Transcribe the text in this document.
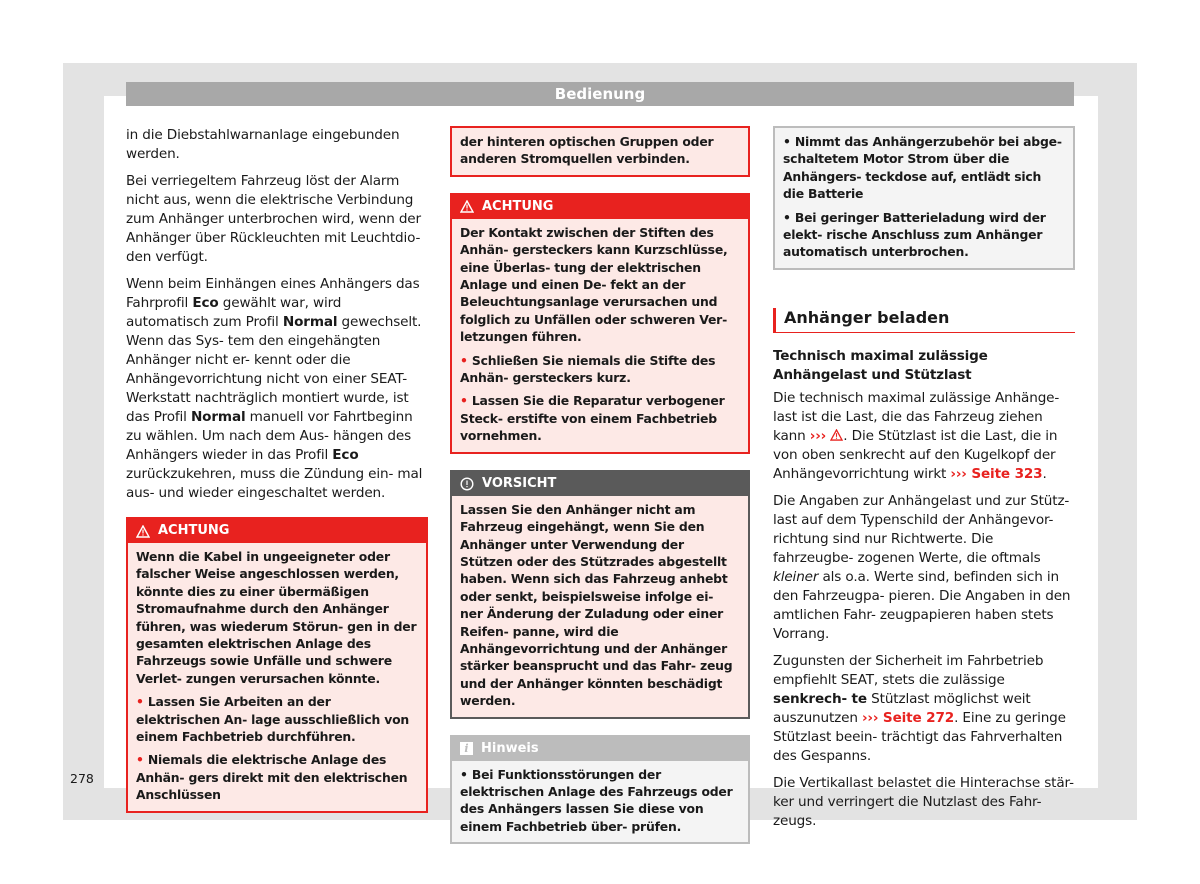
Bedienung

in die Diebstahlwarnanlage eingebunden werden.

Bei verriegeltem Fahrzeug löst der Alarm nicht aus, wenn die elektrische Verbindung zum Anhänger unterbrochen wird, wenn der Anhänger über Rückleuchten mit Leuchtdio- den verfügt.

Wenn beim Einhängen eines Anhängers das Fahrprofil Eco gewählt war, wird automatisch zum Profil Normal gewechselt. Wenn das Sys- tem den eingehängten Anhänger nicht er- kennt oder die Anhängevorrichtung nicht von einer SEAT-Werkstatt nachträglich montiert wurde, ist das Profil Normal manuell vor Fahrtbeginn zu wählen. Um nach dem Aus- hängen des Anhängers wieder in das Profil Eco zurückzukehren, muss die Zündung ein- mal aus- und wieder eingeschaltet werden.

ACHTUNG

Wenn die Kabel in ungeeigneter oder falscher Weise angeschlossen werden, könnte dies zu einer übermäßigen Stromaufnahme durch den Anhänger führen, was wiederum Störun- gen in der gesamten elektrischen Anlage des Fahrzeugs sowie Unfälle und schwere Verlet- zungen verursachen könnte.

• Lassen Sie Arbeiten an der elektrischen An- lage ausschließlich von einem Fachbetrieb durchführen.

• Niemals die elektrische Anlage des Anhän- gers direkt mit den elektrischen Anschlüssen

der hinteren optischen Gruppen oder anderen Stromquellen verbinden.

ACHTUNG

Der Kontakt zwischen der Stiften des Anhän- gersteckers kann Kurzschlüsse, eine Überlas- tung der elektrischen Anlage und einen De- fekt an der Beleuchtungsanlage verursachen und folglich zu Unfällen oder schweren Ver- letzungen führen.

• Schließen Sie niemals die Stifte des Anhän- gersteckers kurz.

• Lassen Sie die Reparatur verbogener Steck- erstifte von einem Fachbetrieb vornehmen.

VORSICHT

Lassen Sie den Anhänger nicht am Fahrzeug eingehängt, wenn Sie den Anhänger unter Verwendung der Stützen oder des Stützrades abgestellt haben. Wenn sich das Fahrzeug anhebt oder senkt, beispielsweise infolge ei- ner Änderung der Zuladung oder einer Reifen- panne, wird die Anhängevorrichtung und der Anhänger stärker beansprucht und das Fahr- zeug und der Anhänger könnten beschädigt werden.

i Hinweis

• Bei Funktionsstörungen der elektrischen Anlage des Fahrzeugs oder des Anhängers lassen Sie diese von einem Fachbetrieb über- prüfen.

• Nimmt das Anhängerzubehör bei abge- schaltetem Motor Strom über die Anhängers- teckdose auf, entlädt sich die Batterie

• Bei geringer Batterieladung wird der elekt- rische Anschluss zum Anhänger automatisch unterbrochen.

Anhänger beladen
Technisch maximal zulässige Anhängelast und Stützlast

Die technisch maximal zulässige Anhänge- last ist die Last, die das Fahrzeug ziehen kann ››› . Die Stützlast ist die Last, die in von oben senkrecht auf den Kugelkopf der Anhängevorrichtung wirkt ››› Seite 323.

Die Angaben zur Anhängelast und zur Stütz- last auf dem Typenschild der Anhängevor- richtung sind nur Richtwerte. Die fahrzeugbe- zogenen Werte, die oftmals kleiner als o.a. Werte sind, befinden sich in den Fahrzeugpa- pieren. Die Angaben in den amtlichen Fahr- zeugpapieren haben stets Vorrang.

Zugunsten der Sicherheit im Fahrbetrieb empfiehlt SEAT, stets die zulässige senkrech- te Stützlast möglichst weit auszunutzen ››› Seite 272. Eine zu geringe Stützlast beein- trächtigt das Fahrverhalten des Gespanns.

Die Vertikallast belastet die Hinterachse stär- ker und verringert die Nutzlast des Fahr- zeugs.

278
